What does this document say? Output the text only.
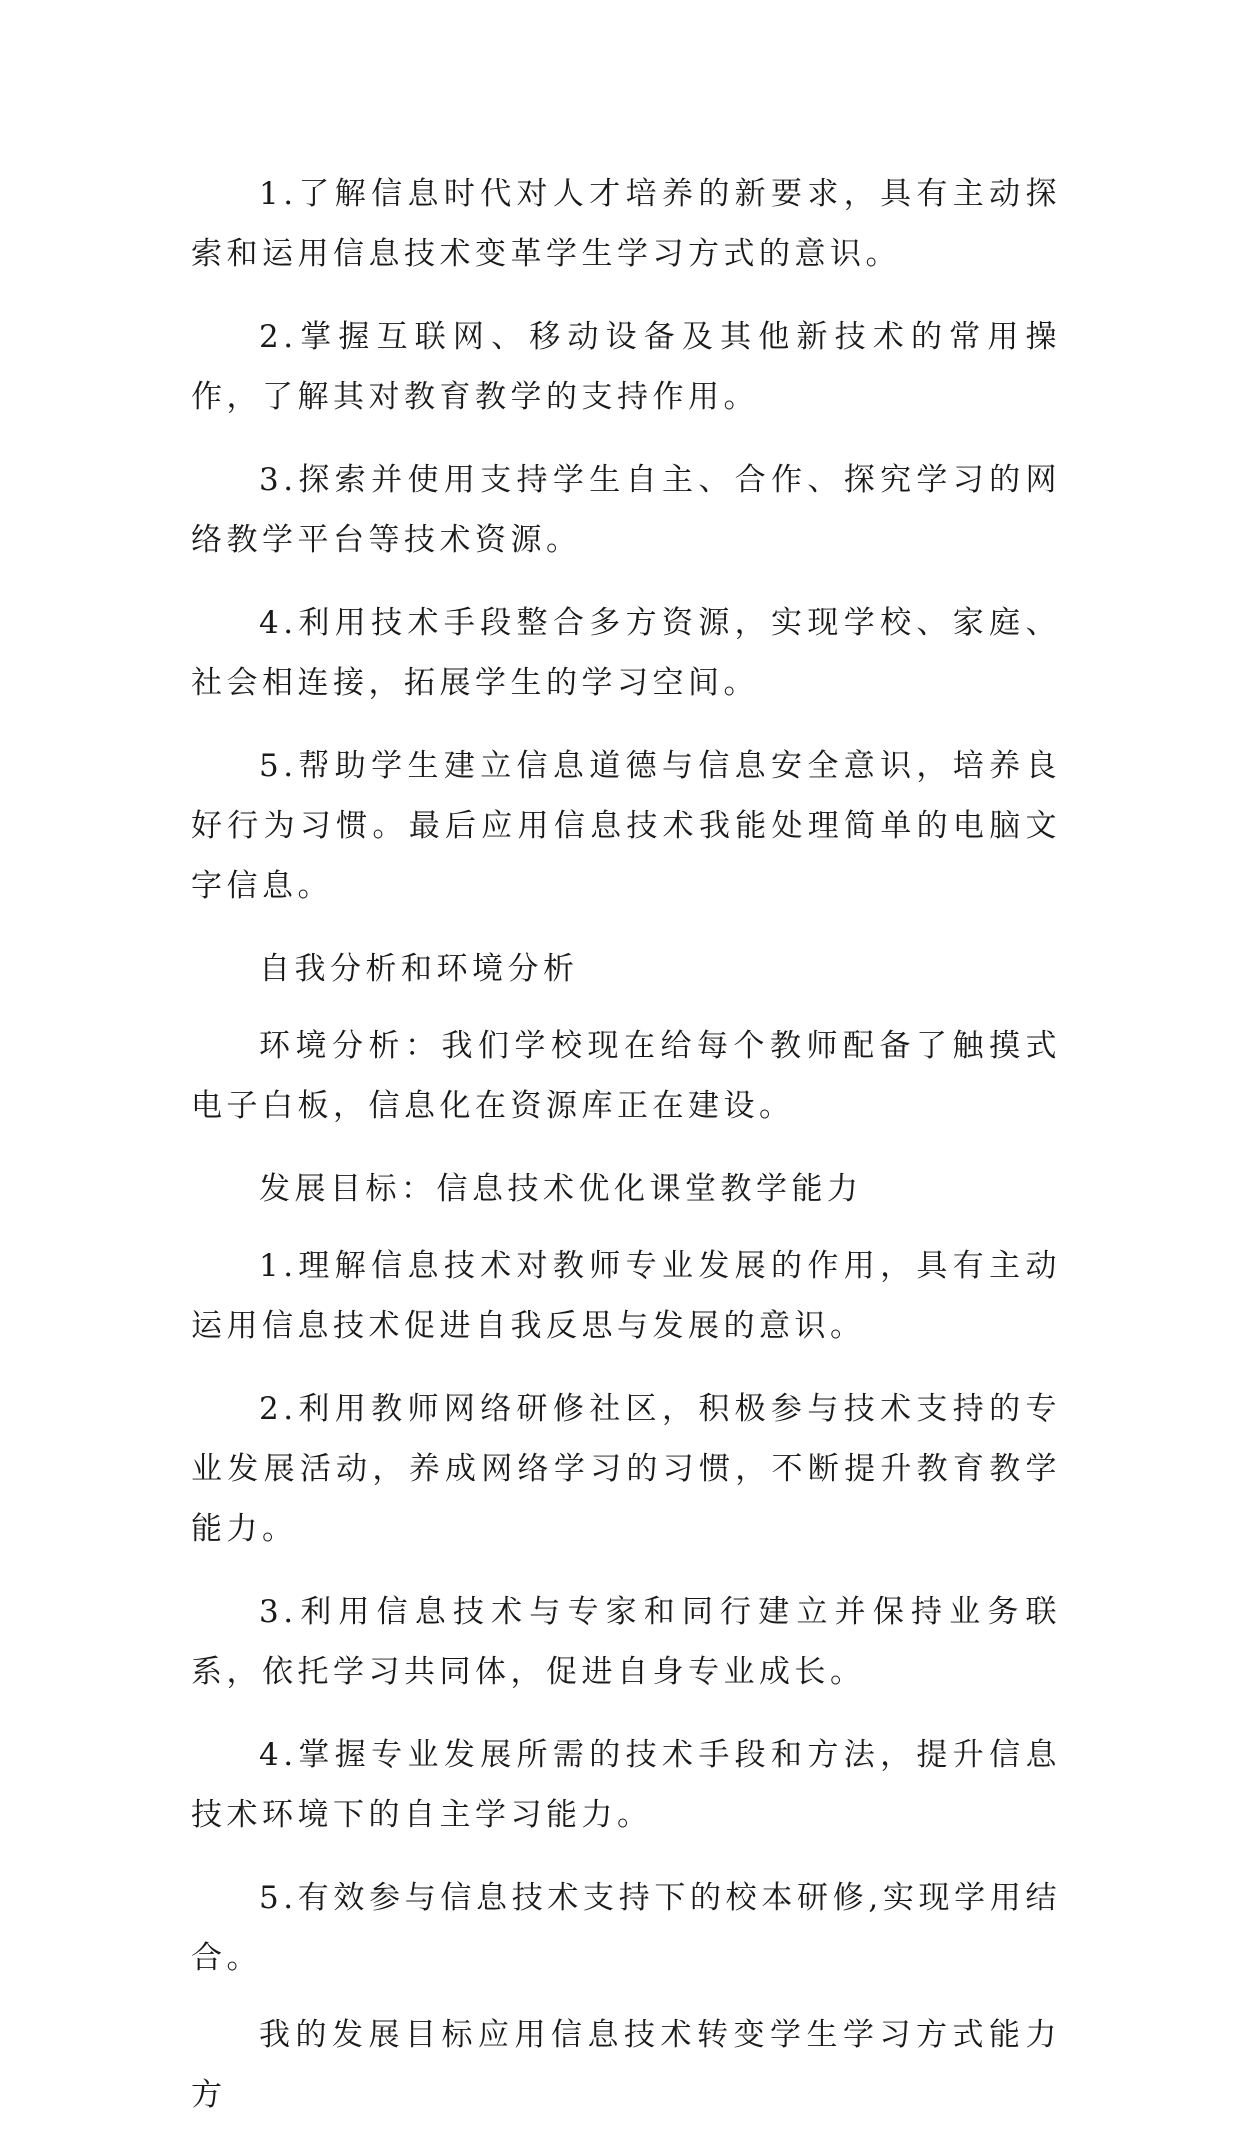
1.了解信息时代对人才培养的新要求，具有主动探索和运用信息技术变革学生学习方式的意识。

2.掌握互联网、移动设备及其他新技术的常用操作，了解其对教育教学的支持作用。

3.探索并使用支持学生自主、合作、探究学习的网络教学平台等技术资源。

4.利用技术手段整合多方资源，实现学校、家庭、社会相连接，拓展学生的学习空间。

5.帮助学生建立信息道德与信息安全意识，培养良好行为习惯。最后应用信息技术我能处理简单的电脑文字信息。

自我分析和环境分析

环境分析：我们学校现在给每个教师配备了触摸式电子白板，信息化在资源库正在建设。

发展目标：信息技术优化课堂教学能力

1.理解信息技术对教师专业发展的作用，具有主动运用信息技术促进自我反思与发展的意识。

2.利用教师网络研修社区，积极参与技术支持的专业发展活动，养成网络学习的习惯，不断提升教育教学能力。

3.利用信息技术与专家和同行建立并保持业务联系，依托学习共同体，促进自身专业成长。

4.掌握专业发展所需的技术手段和方法，提升信息技术环境下的自主学习能力。

5.有效参与信息技术支持下的校本研修,实现学用结合。

我的发展目标应用信息技术转变学生学习方式能力方
